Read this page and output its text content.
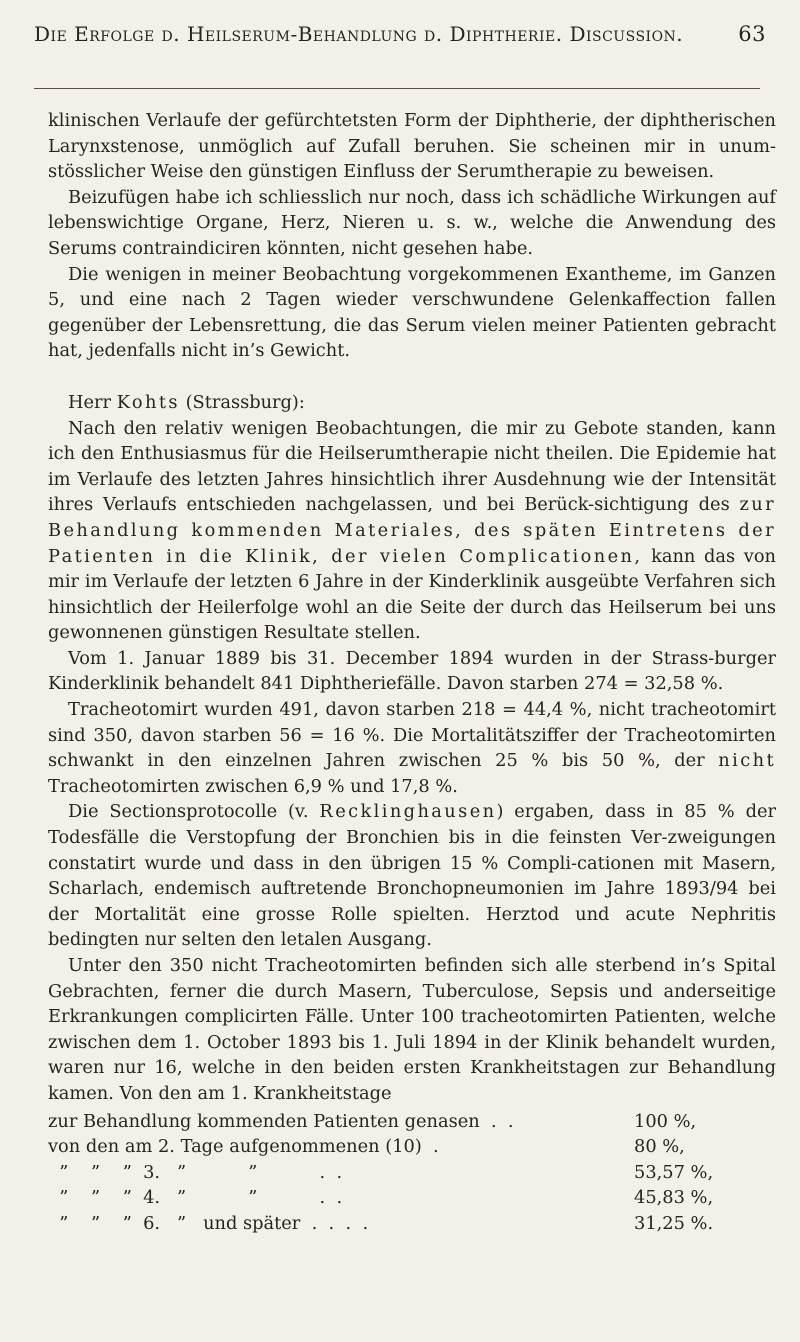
Die Erfolge d. Heilserum-Behandlung d. Diphtherie. Discussion.	63

klinischen Verlaufe der gefürchtetsten Form der Diphtherie, der diphtherischen Larynxstenose, unmöglich auf Zufall beruhen. Sie scheinen mir in unum-stösslicher Weise den günstigen Einfluss der Serumtherapie zu beweisen.

Beizufügen habe ich schliesslich nur noch, dass ich schädliche Wirkungen auf lebenswichtige Organe, Herz, Nieren u. s. w., welche die Anwendung des Serums contraindiciren könnten, nicht gesehen habe.

Die wenigen in meiner Beobachtung vorgekommenen Exantheme, im Ganzen 5, und eine nach 2 Tagen wieder verschwundene Gelenkaffection fallen gegenüber der Lebensrettung, die das Serum vielen meiner Patienten gebracht hat, jedenfalls nicht in’s Gewicht.

Herr Kohts (Strassburg):

Nach den relativ wenigen Beobachtungen, die mir zu Gebote standen, kann ich den Enthusiasmus für die Heilserumtherapie nicht theilen. Die Epidemie hat im Verlaufe des letzten Jahres hinsichtlich ihrer Ausdehnung wie der Intensität ihres Verlaufs entschieden nachgelassen, und bei Berück-sichtigung des zur Behandlung kommenden Materiales, des späten Eintretens der Patienten in die Klinik, der vielen Complicationen, kann das von mir im Verlaufe der letzten 6 Jahre in der Kinderklinik ausgeübte Verfahren sich hinsichtlich der Heilerfolge wohl an die Seite der durch das Heilserum bei uns gewonnenen günstigen Resultate stellen.

Vom 1. Januar 1889 bis 31. December 1894 wurden in der Strass-burger Kinderklinik behandelt 841 Diphtheriefälle. Davon starben 274 = 32,58 %.

Tracheotomirt wurden 491, davon starben 218 = 44,4 %, nicht tracheotomirt sind 350, davon starben 56 = 16 %. Die Mortalitätsziffer der Tracheotomirten schwankt in den einzelnen Jahren zwischen 25 % bis 50 %, der nicht Tracheotomirten zwischen 6,9 % und 17,8 %.

Die Sectionsprotocolle (v. Recklinghausen) ergaben, dass in 85 % der Todesfälle die Verstopfung der Bronchien bis in die feinsten Ver-zweigungen constatirt wurde und dass in den übrigen 15 % Compli-cationen mit Masern, Scharlach, endemisch auftretende Bronchopneumonien im Jahre 1893/94 bei der Mortalität eine grosse Rolle spielten. Herztod und acute Nephritis bedingten nur selten den letalen Ausgang.

Unter den 350 nicht Tracheotomirten befinden sich alle sterbend in’s Spital Gebrachten, ferner die durch Masern, Tuberculose, Sepsis und anderseitige Erkrankungen complicirten Fälle. Unter 100 tracheotomirten Patienten, welche zwischen dem 1. October 1893 bis 1. Juli 1894 in der Klinik behandelt wurden, waren nur 16, welche in den beiden ersten Krankheitstagen zur Behandlung kamen. Von den am 1. Krankheitstage

zur Behandlung kommenden Patienten genasen  .  .	100 %,
von den am 2. Tage aufgenommenen (10)  .	80 %,
”    ”    ”  3.   ”           ”           .  .	53,57 %,
”    ”    ”  4.   ”           ”           .  .	45,83 %,
”    ”    ”  6.   ”   und später  .  .  .  .	31,25 %.
